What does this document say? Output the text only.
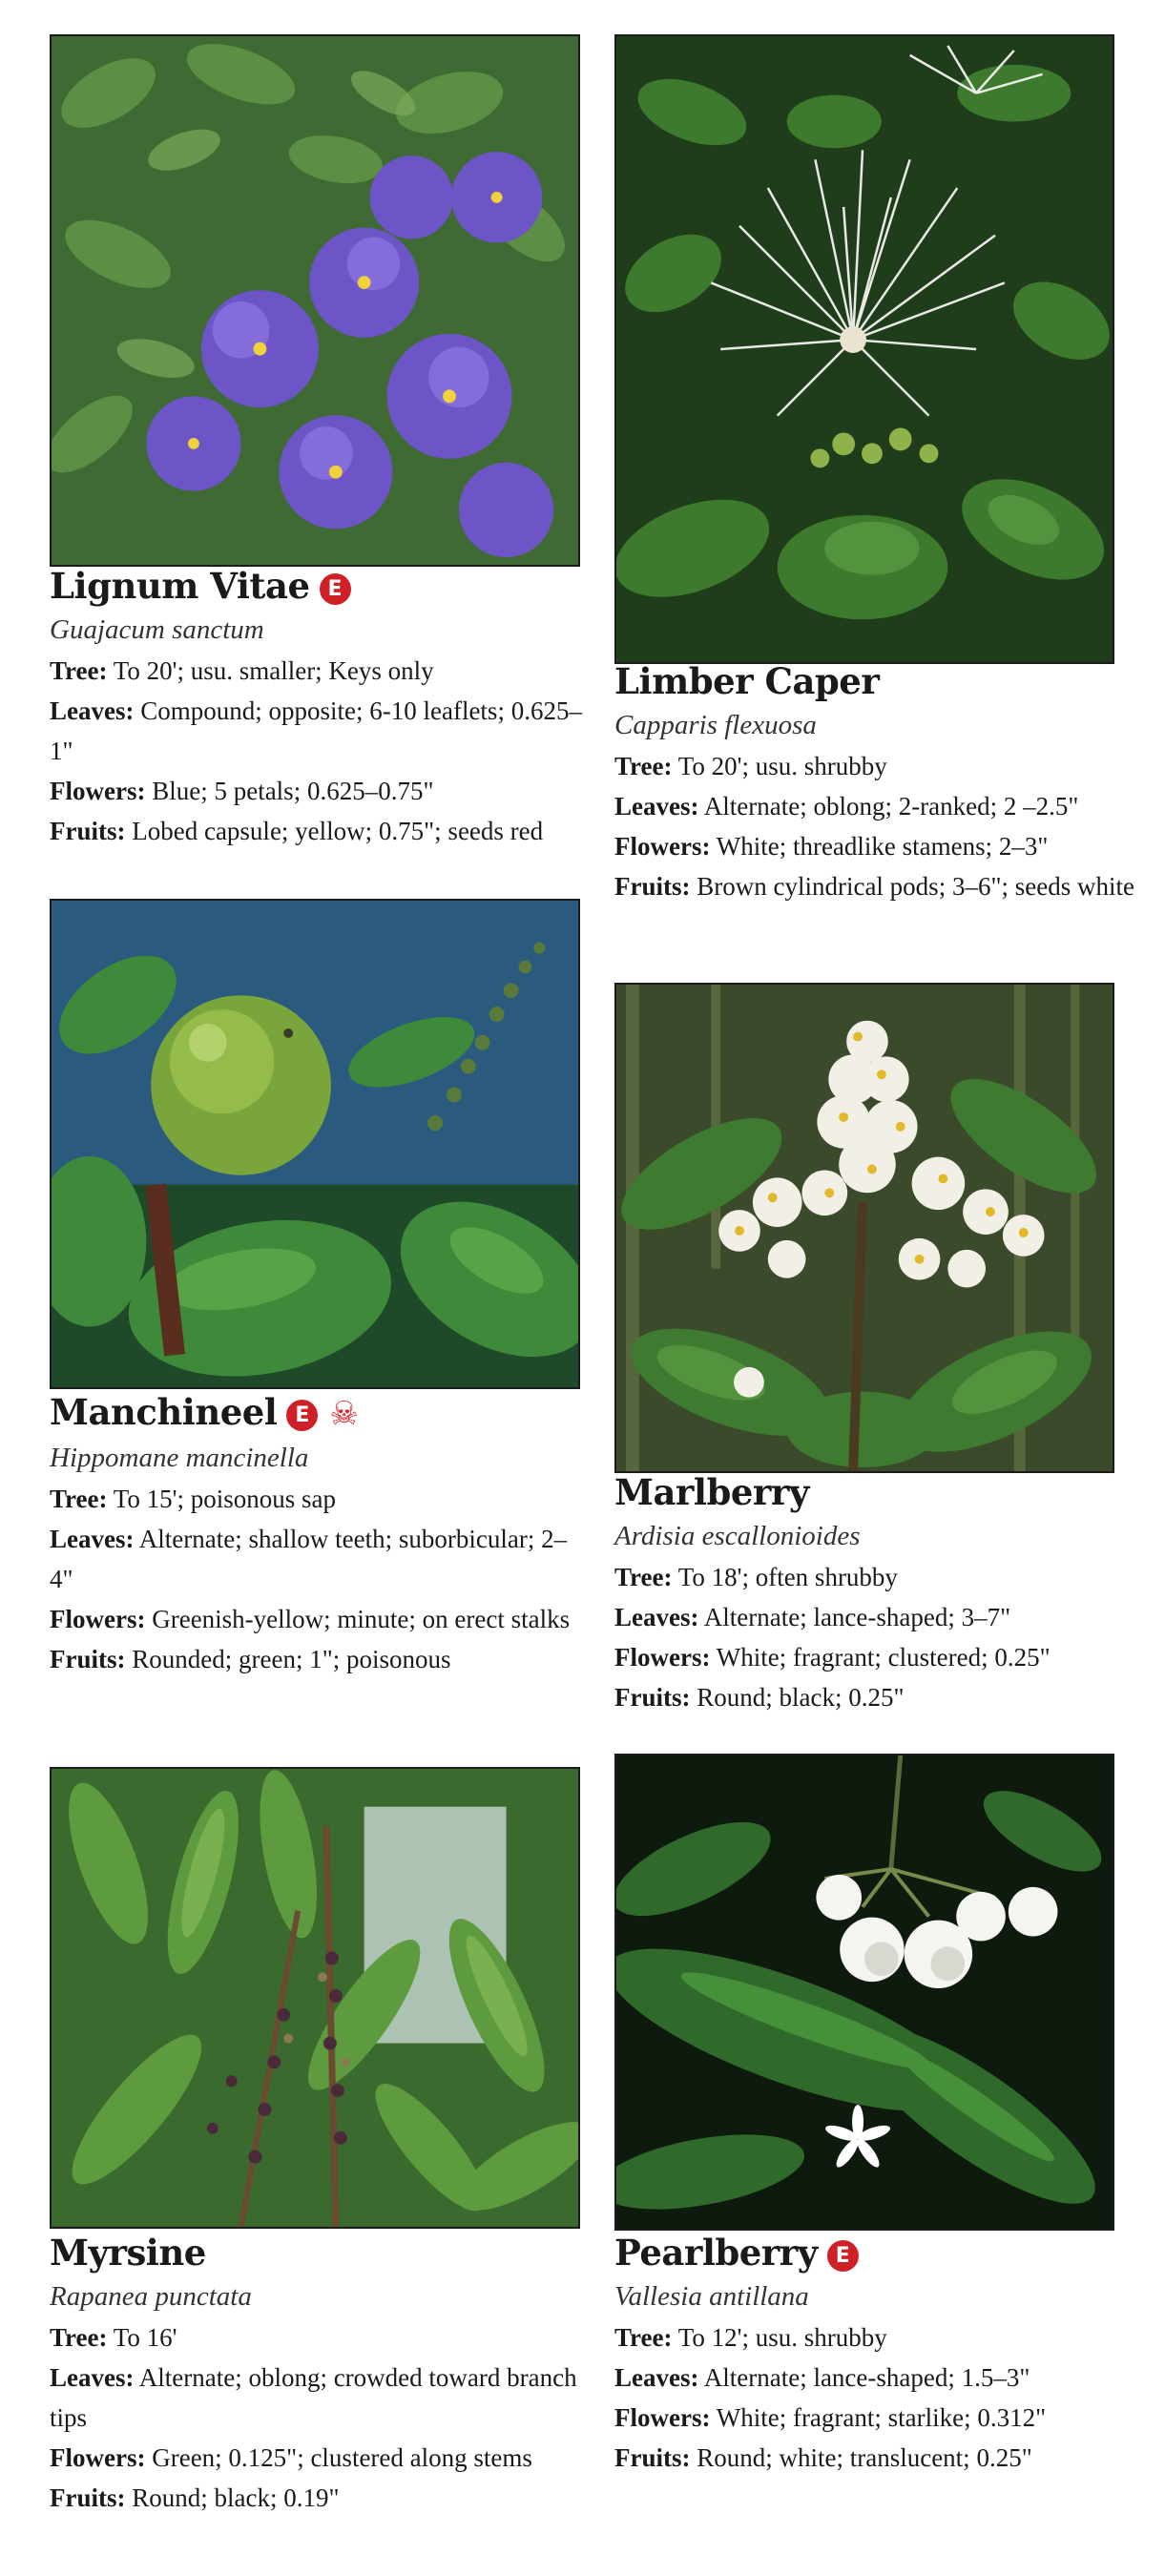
Lignum Vitae E
Guajacum sanctum
Tree: To 20'; usu. smaller; Keys only
Leaves: Compound; opposite; 6-10 leaflets; 0.625–1"
Flowers: Blue; 5 petals; 0.625–0.75"
Fruits: Lobed capsule; yellow; 0.75"; seeds red
Limber Caper
Capparis flexuosa
Tree: To 20'; usu. shrubby
Leaves: Alternate; oblong; 2-ranked; 2 –2.5"
Flowers: White; threadlike stamens; 2–3"
Fruits: Brown cylindrical pods; 3–6"; seeds white
Manchineel E ☠
Hippomane mancinella
Tree: To 15'; poisonous sap
Leaves: Alternate; shallow teeth; suborbicular; 2–4"
Flowers: Greenish-yellow; minute; on erect stalks
Fruits: Rounded; green; 1"; poisonous
Marlberry
Ardisia escallonioides
Tree: To 18'; often shrubby
Leaves: Alternate; lance-shaped; 3–7"
Flowers: White; fragrant; clustered; 0.25"
Fruits: Round; black; 0.25"
Myrsine
Rapanea punctata
Tree: To 16'
Leaves: Alternate; oblong; crowded toward branch tips
Flowers: Green; 0.125"; clustered along stems
Fruits: Round; black; 0.19"
Pearlberry E
Vallesia antillana
Tree: To 12'; usu. shrubby
Leaves: Alternate; lance-shaped; 1.5–3"
Flowers: White; fragrant; starlike; 0.312"
Fruits: Round; white; translucent; 0.25"
